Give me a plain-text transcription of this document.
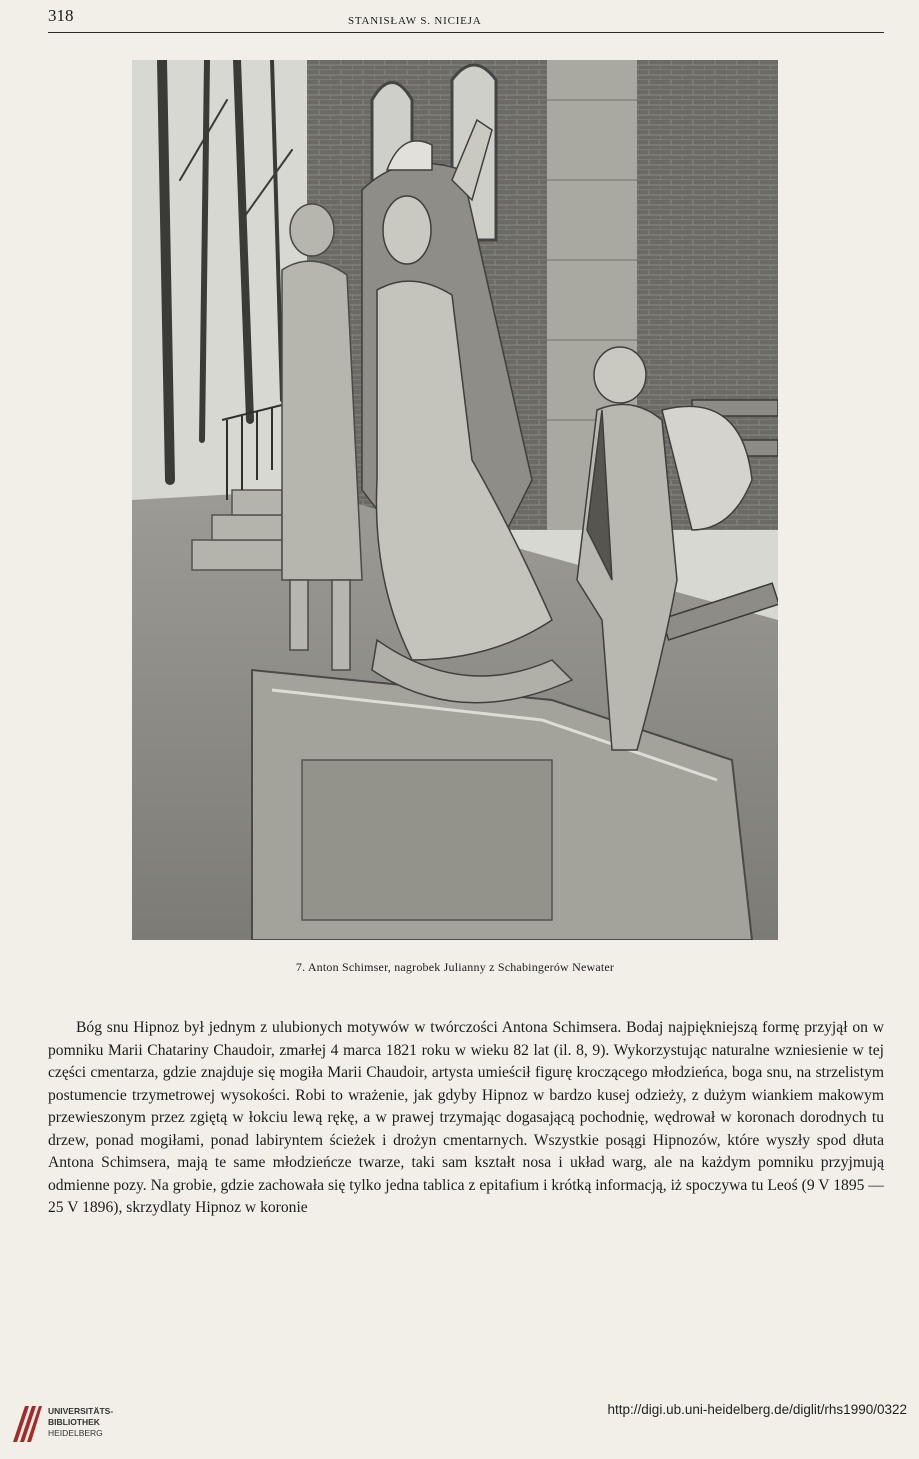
318	STANISŁAW S. NICIEJA
7. Anton Schimser, nagrobek Julianny z Schabingerów Newater

Bóg snu Hipnoz był jednym z ulubionych motywów w twórczości Antona Schimsera. Bodaj najpiękniejszą formę przyjął on w pomniku Marii Chatariny Chaudoir, zmarłej 4 marca 1821 roku w wieku 82 lat (il. 8, 9). Wykorzystując naturalne wzniesienie w tej części cmentarza, gdzie znajduje się mogiła Marii Chaudoir, artysta umieścił figurę kroczącego młodzieńca, boga snu, na strzelistym postumencie trzymetrowej wysokości. Robi to wrażenie, jak gdyby Hipnoz w bardzo kusej odzieży, z dużym wiankiem makowym przewieszonym przez zgiętą w łokciu lewą rękę, a w prawej trzymając dogasającą pochodnię, wędrował w koronach dorodnych tu drzew, ponad mogiłami, ponad labiryntem ścieżek i drożyn cmentarnych. Wszystkie posągi Hipnozów, które wyszły spod dłuta Antona Schimsera, mają te same młodzieńcze twarze, taki sam kształt nosa i układ warg, ale na każdym pomniku przyjmują odmienne pozy. Na grobie, gdzie zachowała się tylko jedna tablica z epitafium i krótką informacją, iż spoczywa tu Leoś (9 V 1895 — 25 V 1896), skrzydlaty Hipnoz w koronie

UNIVERSITÄTS-
BIBLIOTHEK
HEIDELBERG
http://digi.ub.uni-heidelberg.de/diglit/rhs1990/0322
